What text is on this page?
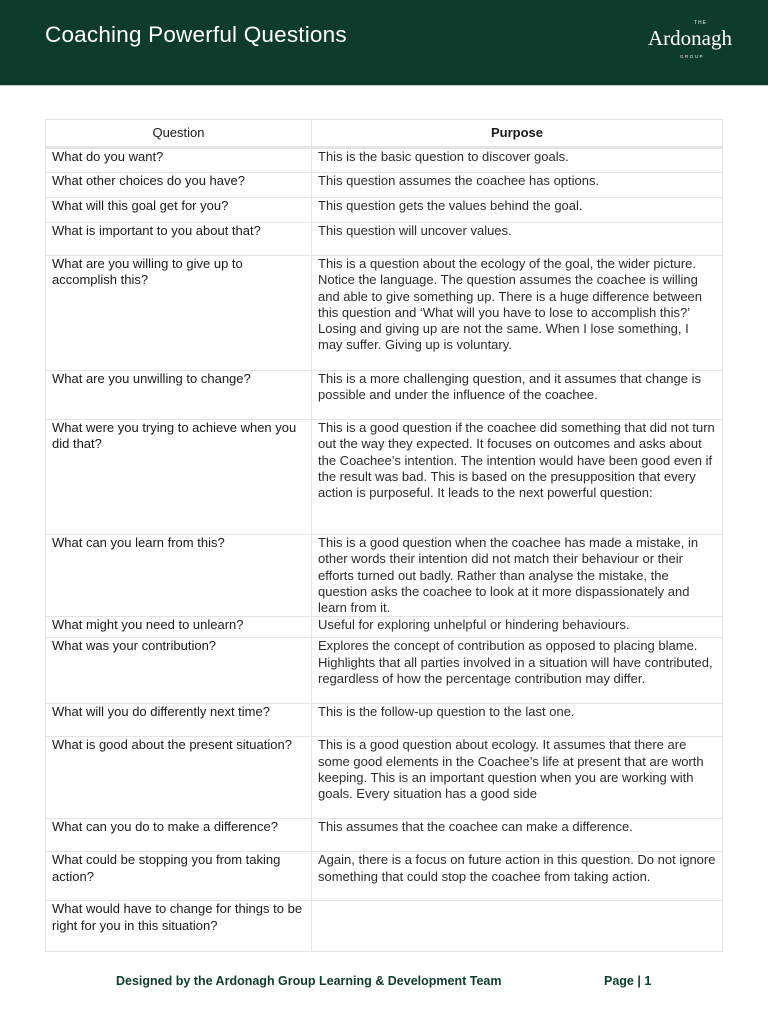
Coaching Powerful Questions	THE
Ardonagh
GROUP
Question	Purpose
What do you want?	This is the basic question to discover goals.
What other choices do you have?	This question assumes the coachee has options.
What will this goal get for you?	This question gets the values behind the goal.
What is important to you about that?	This question will uncover values.
What are you willing to give up to accomplish this?	This is a question about the ecology of the goal, the wider picture. Notice the language. The question assumes the coachee is willing and able to give something up. There is a huge difference between this question and ‘What will you have to lose to accomplish this?’ Losing and giving up are not the same. When I lose something, I may suffer. Giving up is voluntary.
What are you unwilling to change?	This is a more challenging question, and it assumes that change is possible and under the influence of the coachee.
What were you trying to achieve when you did that?	This is a good question if the coachee did something that did not turn out the way they expected. It focuses on outcomes and asks about the Coachee’s intention. The intention would have been good even if the result was bad. This is based on the presupposition that every action is purposeful. It leads to the next powerful question:
What can you learn from this?	This is a good question when the coachee has made a mistake, in other words their intention did not match their behaviour or their efforts turned out badly. Rather than analyse the mistake, the question asks the coachee to look at it more dispassionately and learn from it.
What might you need to unlearn?	Useful for exploring unhelpful or hindering behaviours.
What was your contribution?	Explores the concept of contribution as opposed to placing blame. Highlights that all parties involved in a situation will have contributed, regardless of how the percentage contribution may differ.
What will you do differently next time?	This is the follow-up question to the last one.
What is good about the present situation?	This is a good question about ecology. It assumes that there are some good elements in the Coachee’s life at present that are worth keeping. This is an important question when you are working with goals. Every situation has a good side
What can you do to make a difference?	This assumes that the coachee can make a difference.
What could be stopping you from taking action?	Again, there is a focus on future action in this question. Do not ignore something that could stop the coachee from taking action.
What would have to change for things to be right for you in this situation?	
Designed by the Ardonagh Group Learning & Development Team	Page | 1
